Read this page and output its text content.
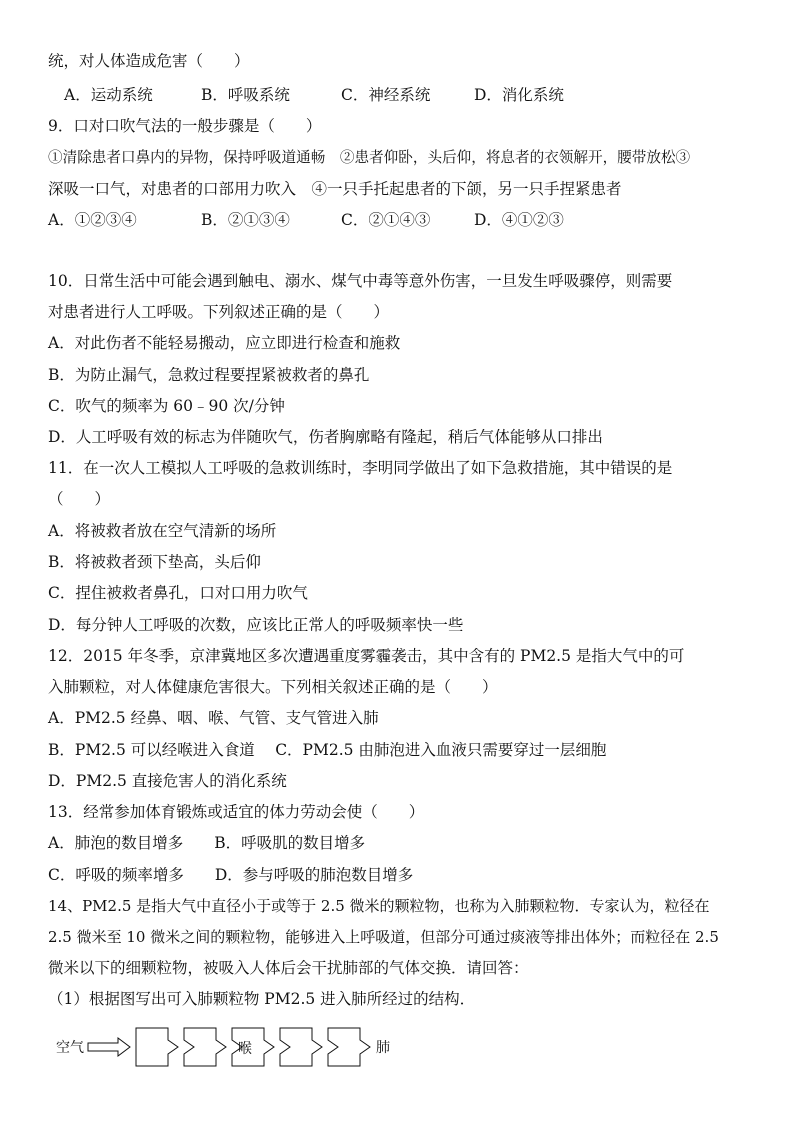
统，对人体造成危害（　　）
A．运动系统	B．呼吸系统	C．神经系统	D．消化系统
9．口对口吹气法的一般步骤是（　　）
①清除患者口鼻内的异物，保持呼吸道通畅　②患者仰卧，头后仰，将息者的衣领解开，腰带放松③
深吸一口气，对患者的口部用力吹入　④一只手托起患者的下颌，另一只手捏紧患者
A．①②③④	B．②①③④	C．②①④③	D．④①②③
10．日常生活中可能会遇到触电、溺水、煤气中毒等意外伤害，一旦发生呼吸骤停，则需要
对患者进行人工呼吸。下列叙述正确的是（　　）
A．对此伤者不能轻易搬动，应立即进行检查和施救
B．为防止漏气，急救过程要捏紧被救者的鼻孔
C．吹气的频率为 60﹣90 次/分钟
D．人工呼吸有效的标志为伴随吹气，伤者胸廓略有隆起，稍后气体能够从口排出
11．在一次人工模拟人工呼吸的急救训练时，李明同学做出了如下急救措施，其中错误的是
（　　）
A．将被救者放在空气清新的场所
B．将被救者颈下垫高，头后仰
C．捏住被救者鼻孔，口对口用力吹气
D．每分钟人工呼吸的次数，应该比正常人的呼吸频率快一些
12．2015 年冬季，京津冀地区多次遭遇重度雾霾袭击，其中含有的 PM2.5 是指大气中的可
入肺颗粒，对人体健康危害很大。下列相关叙述正确的是（　　）
A．PM2.5 经鼻、咽、喉、气管、支气管进入肺
B．PM2.5 可以经喉进入食道　 C．PM2.5 由肺泡进入血液只需要穿过一层细胞
D．PM2.5 直接危害人的消化系统
13．经常参加体育锻炼或适宜的体力劳动会使（　　）
A．肺泡的数目增多　　B．呼吸肌的数目增多
C．呼吸的频率增多　　D．参与呼吸的肺泡数目增多
14、PM2.5 是指大气中直径小于或等于 2.5 微米的颗粒物，也称为入肺颗粒物．专家认为，粒径在
2.5 微米至 10 微米之间的颗粒物，能够进入上呼吸道，但部分可通过痰液等排出体外；而粒径在 2.5
微米以下的细颗粒物，被吸入人体后会干扰肺部的气体交换．请回答：
（1）根据图写出可入肺颗粒物 PM2.5 进入肺所经过的结构．
空气	喉	肺
